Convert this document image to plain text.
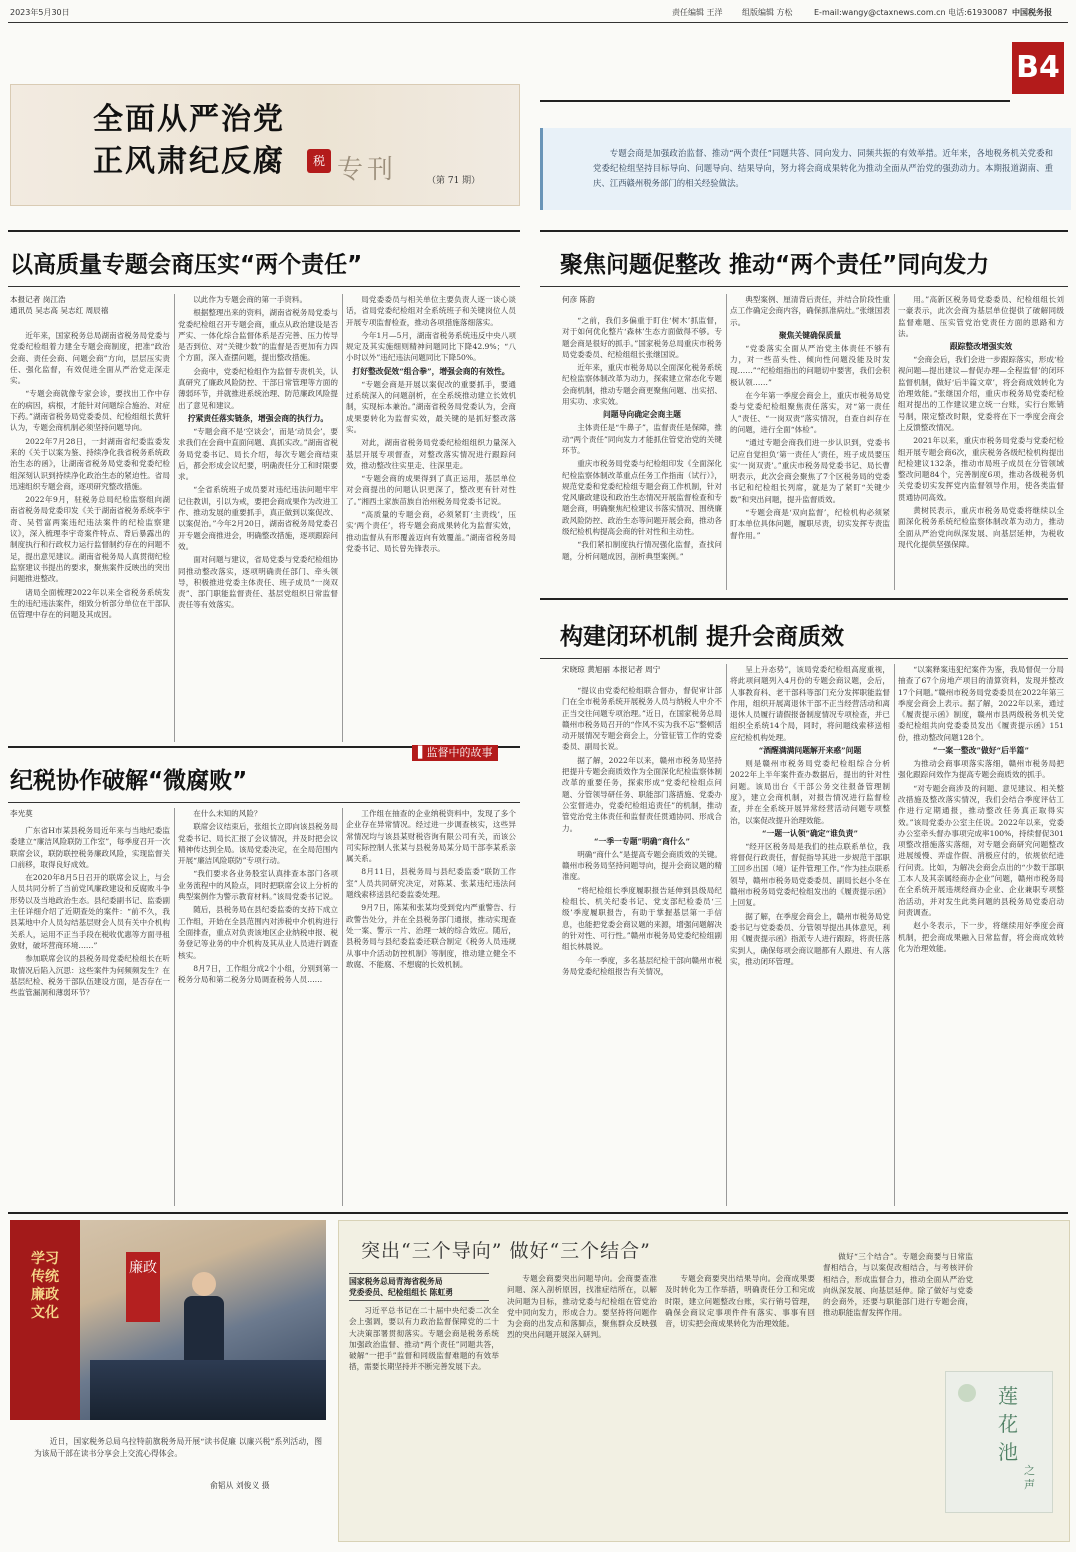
2023年5月30日	责任编辑 王洋 组版编辑 方松	E-mail:wangy@ctaxnews.com.cn 电话:61930087 中国税务报
B4
全面从严治党
正风肃纪反腐	税 专刊	（第 71 期）
专题会商是加强政治监督、推动“两个责任”同题共答、同向发力、同频共振的有效举措。近年来，各地税务机关党委和党委纪检组坚持目标导向、问题导向、结果导向，努力将会商成果转化为推动全面从严治党的强劲动力。本期报道湖南、重庆、江西赣州税务部门的相关经验做法。
以高质量专题会商压实“两个责任”
本报记者 岗江浩
通讯员 吴志高 吴志红 周辰禧

近年来，国家税务总局湖南省税务局党委与党委纪检组着力建全专题会商制度，把准“政治会商、责任会商、问题会商”方向，层层压实责任、强化监督，有效促进全面从严治党走深走实。

“专题会商就像专家会诊，要找出工作中存在的病因，病根，才能针对问题综合施治、对症下药。”湖南省税务局党委委员、纪检组组长黄轩认为，专题会商机制必须坚持问题导向。

2022年7月28日，一封湖南省纪委监委发来的《关于以案为鉴、持续净化我省税务系统政治生态的函》，让湖南省税务局党委和党委纪检组深刻认识到持续净化政治生态的紧迫性。省局迅速组织专题会商，逐项研究整改措施。

2022年9月，驻税务总局纪检监察组向湖南省税务局党委印发《关于湖南省税务系统李宇奇、吴哲富两案违纪违法案件的纪检监察建议》，深入梳理李宇奇案件特点、背后暴露出的制度执行和行政权力运行监督制约存在的问题不足，提出意见建议。湖南省税务局人真贯彻纪检监察建议书提出的要求，聚焦案件反映出的突出问题推进整改。

诸局全面梳理2022年以来全省税务系统发生的违纪违法案件，细致分析部分单位在干部队伍管理中存在的问题及其成因。

以此作为专题会商的第一手资料。

根据整理出来的资料，湖南省税务局党委与党委纪检组召开专题会商，重点从政治建设是否严实、一体化综合监督体系是否完善、压力传导是否到位、对“关键少数”的监督是否更加有力四个方面，深入查摆问题，提出整改措施。

会商中，党委纪检组作为监督专责机关，认真研究了廉政风险防控、干部日常管理等方面的薄弱环节，并就推进系统治理、防范廉政风险提出了意见和建议。

拧紧责任落实链条，增强会商的执行力。

“专题会商不是‘空谈会’，而是‘动员会’，要求我们在会商中直面问题、真抓实改。”湖南省税务局党委书记、局长介绍，每次专题会商结束后，都会形成会议纪要，明确责任分工和时限要求。

“全省系统班子成员要对违纪违法问题牢牢记住教训，引以为戒，要把会商成果作为改进工作、推动发展的重要抓手，真正做到以案促改、以案促治。”今年2月20日，湖南省税务局党委召开专题会商推进会，明确整改措施，逐项跟踪问效。

面对问题与建议，省局党委与党委纪检组协同推动整改落实，逐项明确责任部门、牵头领导，积极推进党委主体责任、班子成员“一岗双责”、部门职能监督责任、基层党组织日常监督责任等有效落实。

局党委委员与相关单位主要负责人逐一谈心谈话，省局党委纪检组对全系统班子和关键岗位人员开展专项监督检查，推动各项措施落细落实。

今年1月—5月，湖南省税务系统违反中央八项规定及其实施细则精神问题同比下降42.9%；“八小时以外”违纪违法问题同比下降50%。

打好整改促效“组合拳”，增强会商的有效性。

“专题会商是开展以案促改的重要抓手，要通过系统深入的问题剖析，在全系统推动建立长效机制，实现标本兼治。”湖南省税务局党委认为，会商成果要转化为监督实效，最关键的是抓好整改落实。

对此，湖南省税务局党委纪检组组织力量深入基层开展专项督查，对整改落实情况进行跟踪问效，推动整改往实里走、往深里走。

“专题会商的成果得到了真正运用，基层单位对会商提出的问题认识更深了，整改更有针对性了。”湘西土家族苗族自治州税务局党委书记说。

“高质量的专题会商，必须紧盯‘主责线’，压实‘两个责任’，将专题会商成果转化为监督实效，推动监督从有形覆盖迈向有效覆盖。”湖南省税务局党委书记、局长曾先锋表示。

▌监督中的故事
纪税协作破解“微腐败”
李光莫

广东省H市某县税务局近年来与当地纪委监委建立“廉洁风险联防工作室”，每季度召开一次联席会议，联防联控税务廉政风险，实现监督关口前移，取得良好成效。

在2020年8月5日召开的联席会议上，与会人员共同分析了当前党风廉政建设和反腐败斗争形势以及当地政治生态。县纪委副书记、监委副主任详细介绍了近期查处的案件：“前不久，我县某地中介人员勾结基层财会人员有关中介机构关系人，运用不正当手段在税收优惠等方面寻租敛财，破坏营商环境……”

参加联席会议的县税务局党委纪检组长在听取情况后陷入沉思：这些案件为何频频发生？在基层纪检、税务干部队伍建设方面，是否存在一些监管漏洞和薄弱环节？

在什么未知的风险？

联席会议结束后，张组长立即向该县税务局党委书记、局长汇报了会议情况，并及时把会议精神传达到全局。该局党委决定，在全局范围内开展“廉洁风险联防”专项行动。

“我们要求各业务股室认真排查本部门各项业务流程中的风险点，同时把联席会议上分析的典型案例作为警示教育材料。”该局党委书记说。

随后，县税务局在县纪委监委的支持下成立工作组，开始在全县范围内对涉税中介机构进行全面排查，重点对负责该地区企业纳税申报、税务登记等业务的中介机构及其从业人员进行调查核实。

8月7日，工作组分成2个小组，分别到第一税务分局和第二税务分局调查税务人员……

工作组在抽查的企业纳税资料中，发现了多个企业存在异常情况。经过进一步调查核实，这些异常情况均与该县某财税咨询有限公司有关，而该公司实际控制人张某与县税务局某分局干部李某系亲属关系。

8月11日，县税务局与县纪委监委“联防工作室”人员共同研究决定，对陈某、张某违纪违法问题线索移送县纪委监委处理。

9月7日，陈某和张某均受到党内严重警告、行政警告处分，并在全县税务部门通报，推动实现查处一案、警示一片、治理一域的综合效应。随后，县税务局与县纪委监委还联合制定《税务人员违规从事中介活动防控机制》等制度，推动建立健全不敢腐、不能腐、不想腐的长效机制。

聚焦问题促整改 推动“两个责任”同向发力
何彦 陈韵

“之前，我们多偏重于盯住‘树木’抓监督，对于如何优化整片‘森林’生态方面做得不够。专题会商是很好的抓手。”国家税务总局重庆市税务局党委委员、纪检组组长张继国说。

近年来，重庆市税务局以全面深化税务系统纪检监察体制改革为动力，探索建立常态化专题会商机制，推动专题会商更聚焦问题、出实招、用实功、求实效。

问题导向确定会商主题

主体责任是“牛鼻子”，监督责任是保障，推动“两个责任”同向发力才能抓住管党治党的关键环节。

重庆市税务局党委与纪检组印发《全面深化纪检监察体制改革重点任务工作指南（试行）》，规范党委和党委纪检组专题会商工作机制，针对党风廉政建设和政治生态情况开展监督检查和专题会商，明确聚焦纪检建议书落实情况、围绕廉政风险防控、政治生态等问题开展会商，推动各级纪检机构提高会商的针对性和主动性。

“我们紧扣制度执行情况强化监督，查找问题，分析问题成因，剖析典型案例。”

典型案例、厘清背后责任，并结合阶段性重点工作确定会商内容，确保抓准病灶。”张继国表示。

聚焦关键确保质量

“党委落实全面从严治党主体责任不够有力，对一些苗头性、倾向性问题没能及时发现……”“纪检组指出的问题切中要害，我们会积极认领……”

在今年第一季度会商会上，重庆市税务局党委与党委纪检组聚焦责任落实，对“第一责任人”责任、“一岗双责”落实情况，自查自纠存在的问题，进行全面“体检”。

“通过专题会商我们进一步认识到，党委书记应自觉担负‘第一责任人’责任，班子成员要压实‘一岗双责’。”重庆市税务局党委书记、局长曹明表示，此次会商会聚焦了7个区税务局的党委书记和纪检组长列席，就是为了紧盯“关键少数”和突出问题，提升监督质效。

“专题会商是‘双向监督’，纪检机构必须紧盯本单位具体问题，履职尽责，切实发挥专责监督作用。”

用。”高新区税务局党委委员、纪检组组长刘一豪表示，此次会商为基层单位提供了破解同级监督难题、压实管党治党责任方面的思路和方法。

跟踪整改增强实效

“会商会后，我们会进一步跟踪落实，形成‘检视问题—提出建议—督促办理—全程监督’的闭环监督机制，做好‘后半篇文章’，将会商成效转化为治理效能。”张继国介绍，重庆市税务局党委纪检组对提出的工作建议建立统一台账，实行台账销号制，限定整改时限，党委将在下一季度会商会上反馈整改情况。

2021年以来，重庆市税务局党委与党委纪检组开展专题会商6次，重庆税务各级纪检机构提出纪检建议132条，推动市局班子成员在分管领域整改问题84个，完善制度6项，推动各级税务机关党委切实发挥党内监督领导作用，使各类监督贯通协同高效。

黄树民表示，重庆市税务局党委将继续以全面深化税务系统纪检监察体制改革为动力，推动全面从严治党向纵深发展、向基层延伸，为税收现代化提供坚强保障。

构建闭环机制 提升会商质效
宋晓琼 黄旭丽 本报记者 周宁

“提议由党委纪检组联合督办，督促审计部门在全市税务系统开展税务人员与纳税人中介不正当交往问题专项治理。”近日，在国家税务总局赣州市税务局召开的“作风不实为我不忘”整顿活动开展情况专题会商会上，分管征管工作的党委委员、副局长说。

据了解，2022年以来，赣州市税务局坚持把提升专题会商质效作为全面深化纪检监察体制改革的重要任务，探索形成“党委纪检组点问题、分管领导研任务、职能部门落措施、党委办公室督进办，党委纪检组追责任”的机制，推动管党治党主体责任和监督责任贯通协同、形成合力。

“一季一专题”明确“商什么”

明确“商什么”是提高专题会商质效的关键。赣州市税务局坚持问题导向，提升会商议题的精准度。

“将纪检组长季度履职报告延伸到县级局纪检组长、机关纪委书记、党支部纪检委员‘三级’季度履职报告，有助于掌握基层第一手信息，也能把党委会商议题的来源，增强问题解决的针对性、可行性。”赣州市税务局党委纪检组副组长林晨说。

今年一季度，多名基层纪检干部向赣州市税务局党委纪检组报告有关情况，

呈上升态势”，该局党委纪检组高度重视，将此项问题列入4月份的专题会商议题，会后，人事教育科、老干部科等部门充分发挥职能监督作用，组织开展离退休干部不正当经营活动和离退休人员履行请假报备制度情况专项检查，并已组织全系统14个局，同时，将问题线索移送相应纪检机构处理。

“酒醒满满问题解开来惑”问题

则是赣州市税务局党委纪检组综合分析2022年上半年案件查办数据后，提出的针对性问题。该局出台《干部公务交往报备管理制度》，建立会商机制，对报告情况进行监督检查，并在全系统开展异常经营活动问题专项整治，以案促改提升治理效能。

“一题一认领”确定“谁负责”

“经开区税务局是我们的挂点联系单位，我将督促行政责任，督促指导其进一步规范干部职工回乡出国（境）证件管理工作。”作为挂点联系领导，赣州市税务局党委委员、副局长赵小冬在赣州市税务局党委纪检组发出的《履责提示函》上回复。

据了解，在季度会商会上，赣州市税务局党委书记与党委委员、分管领导提出具体意见，利用《履责提示函》指派专人进行跟踪，将责任落实到人，确保每项会商议题都有人跟进、有人落实，推动闭环管理。

“以案释案违犯纪案件为鉴，我局督促一分局抽查了67个房地产项目的清算资料，发现并整改17个问题。”赣州市税务局党委委员在2022年第三季度会商会上表示。据了解，2022年以来，通过《履责提示函》制度，赣州市县两级税务机关党委纪检组共向党委委员发出《履责提示函》151份，推动整改问题128个。

“一案一整改”做好“后半篇”

为推动会商事项落实落细，赣州市税务局把强化跟踪问效作为提高专题会商质效的抓手。

“对专题会商涉及的问题、意见建议、相关整改措施及整改落实情况，我们会结合季度评估工作进行定期通报，推动整改任务真正取得实效。”该局党委办公室主任说。2022年以来，党委办公室牵头督办事项完成率100%，持续督促301项整改措施落实落细，对专题会商研究问题整改进展缓慢、弄虚作假、消极应付的，依规依纪进行问责。比如，为解决会商会点出的“少数干部职工本人及其亲属经商办企业”问题，赣州市税务局在全系统开展违规经商办企业、企业兼职专项整治活动，并对发生此类问题的县税务局党委启动问责调查。

赵小冬表示，下一步，将继续用好季度会商机制，把会商成果融入日常监督，将会商成效转化为治理效能。

学习传统廉政文化
廉政
近日，国家税务总局乌拉特前旗税务局开展“读书促廉 以廉兴税”系列活动，图为该局干部在读书分享会上交流心得体会。
俞韬从 刘俊义 摄
突出“三个导向” 做好“三个结合”
国家税务总局青海省税务局
党委委员、纪检组组长 陈虹勇

习近平总书记在二十届中央纪委二次全会上强调，要以有力政治监督保障党的二十大决策部署贯彻落实。专题会商是税务系统加强政治监督、推动“两个责任”同题共答，破解“一把手”监督和同级监督难题的有效举措，需要长期坚持并不断完善发展下去。

专题会商要突出问题导向。会商要查准问题、深入剖析原因，找准症结所在，以解决问题为目标，推动党委与纪检组在管党治党中同向发力，形成合力。要坚持将问题作为会商的出发点和落脚点，聚焦群众反映强烈的突出问题开展深入研判。

专题会商要突出结果导向。会商成果要及时转化为工作举措，明确责任分工和完成时限，建立问题整改台账，实行销号管理，确保会商议定事项件件有落实、事事有回音，切实把会商成果转化为治理效能。

做好“三个结合”。专题会商要与日常监督相结合，与以案促改相结合，与考核评价相结合，形成监督合力，推动全面从严治党向纵深发展、向基层延伸。除了做好与党委的会商外，还要与职能部门进行专题会商，推动职能监督发挥作用。

莲花池
之声
